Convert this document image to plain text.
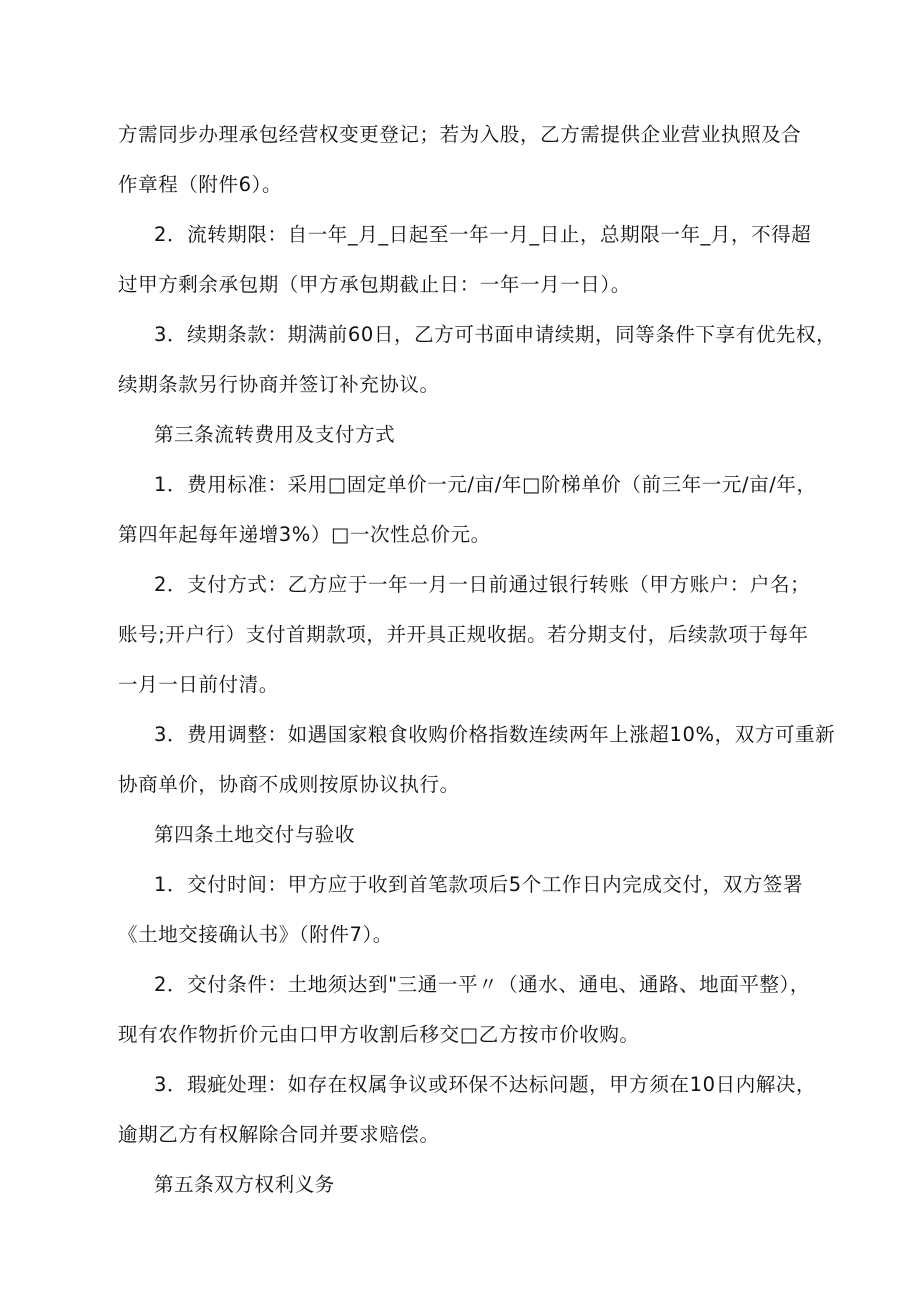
方需同步办理承包经营权变更登记；若为入股，乙方需提供企业营业执照及合
作章程（附件6）。
2．流转期限：自一年_月_日起至一年一月_日止，总期限一年_月，不得超
过甲方剩余承包期（甲方承包期截止日：一年一月一日）。
3．续期条款：期满前60日，乙方可书面申请续期，同等条件下享有优先权，
续期条款另行协商并签订补充协议。
第三条流转费用及支付方式
1．费用标准：采用□固定单价一元/亩/年□阶梯单价（前三年一元/亩/年，
第四年起每年递增3%）□一次性总价元。
2．支付方式：乙方应于一年一月一日前通过银行转账（甲方账户：户名；
账号;开户行）支付首期款项，并开具正规收据。若分期支付，后续款项于每年
一月一日前付清。
3．费用调整：如遇国家粮食收购价格指数连续两年上涨超10%，双方可重新
协商单价，协商不成则按原协议执行。
第四条土地交付与验收
1．交付时间：甲方应于收到首笔款项后5个工作日内完成交付，双方签署
《土地交接确认书》（附件7）。
2．交付条件：土地须达到"三通一平〃（通水、通电、通路、地面平整），
现有农作物折价元由口甲方收割后移交□乙方按市价收购。
3．瑕疵处理：如存在权属争议或环保不达标问题，甲方须在10日内解决，
逾期乙方有权解除合同并要求赔偿。
第五条双方权利义务
